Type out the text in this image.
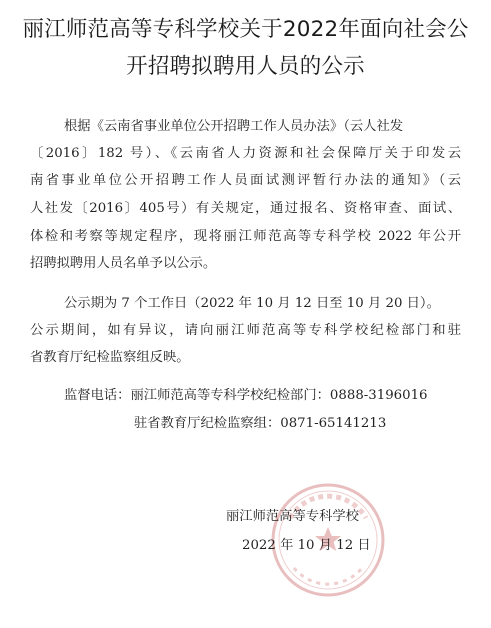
丽江师范高等专科学校关于2022年面向社会公
开招聘拟聘用人员的公示
根据《云南省事业单位公开招聘工作人员办法》（云人社发
〔2016〕182 号）、《云南省人力资源和社会保障厅关于印发云
南省事业单位公开招聘工作人员面试测评暂行办法的通知》（云
人社发〔2016〕405号）有关规定，通过报名、资格审查、面试、
体检和考察等规定程序，现将丽江师范高等专科学校 2022 年公开
招聘拟聘用人员名单予以公示。
公示期为 7 个工作日（2022 年 10 月 12 日至 10 月 20 日）。
公示期间，如有异议，请向丽江师范高等专科学校纪检部门和驻
省教育厅纪检监察组反映。
监督电话：丽江师范高等专科学校纪检部门：0888-3196016
驻省教育厅纪检监察组：0871-65141213
丽江师范高等专科学校
2022 年 10 月 12 日
